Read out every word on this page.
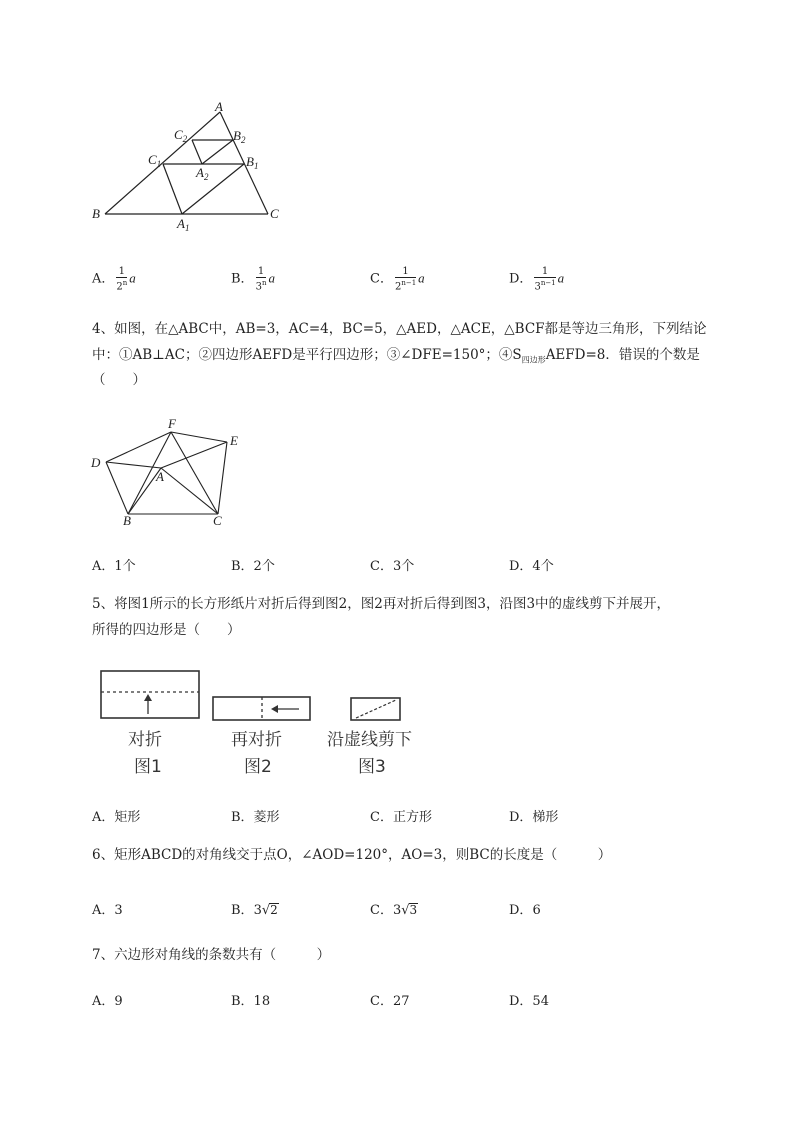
A
$C_2$	$B_2$
$C_1$	$B_1$
$A_2$
B	C
$A_1$
A． $\frac{1}{2^n}$ a	B． $\frac{1}{3^n}$ a	C． $\frac{1}{2^{n-1}}$ a	D． $\frac{1}{3^{n-1}}$ a
4、如图，在△ABC中，AB=3，AC=4，BC=5，△AED，△ACE，△BCF都是等边三角形，下列结论
中：①AB⊥AC；②四边形AEFD是平行四边形；③∠DFE=150°；$④S_{四边形}AEFD=8$．错误的个数是
（　　）
D
F
E
A
B	C
A．1个	B．2个	C．3个	D．4个
5、将图1所示的长方形纸片对折后得到图2，图2再对折后得到图3，沿图3中的虚线剪下并展开，
所得的四边形是（　　）
对折	再对折	沿虚线剪下
图1	图2	图3
A．矩形	B．菱形	C．正方形	D．梯形
6、矩形ABCD的对角线交于点O，∠AOD=120°，AO=3，则BC的长度是（　　　）
A．3	B．3√2	C．3√3	D．6
7、六边形对角线的条数共有（　　　）
A．9	B．18	C．27	D．54
